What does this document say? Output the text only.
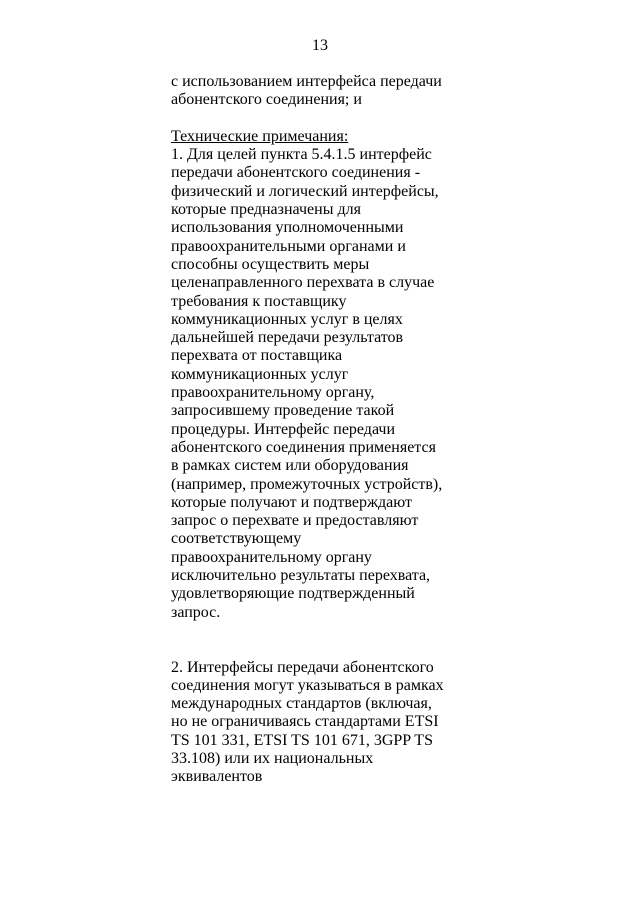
13
с использованием интерфейса передачи
абонентского соединения; и
Технические примечания:
1. Для целей пункта 5.4.1.5 интерфейс
передачи абонентского соединения -
физический и логический интерфейсы,
которые предназначены для
использования уполномоченными
правоохранительными органами и
способны осуществить меры
целенаправленного перехвата в случае
требования к поставщику
коммуникационных услуг в целях
дальнейшей передачи результатов
перехвата от поставщика
коммуникационных услуг
правоохранительному органу,
запросившему проведение такой
процедуры. Интерфейс передачи
абонентского соединения применяется
в рамках систем или оборудования
(например, промежуточных устройств),
которые получают и подтверждают
запрос о перехвате и предоставляют
соответствующему
правоохранительному органу
исключительно результаты перехвата,
удовлетворяющие подтвержденный
запрос.
2. Интерфейсы передачи абонентского
соединения могут указываться в рамках
международных стандартов (включая,
но не ограничиваясь стандартами ETSI
TS 101 331, ETSI TS 101 671, 3GPP TS
33.108) или их национальных
эквивалентов
